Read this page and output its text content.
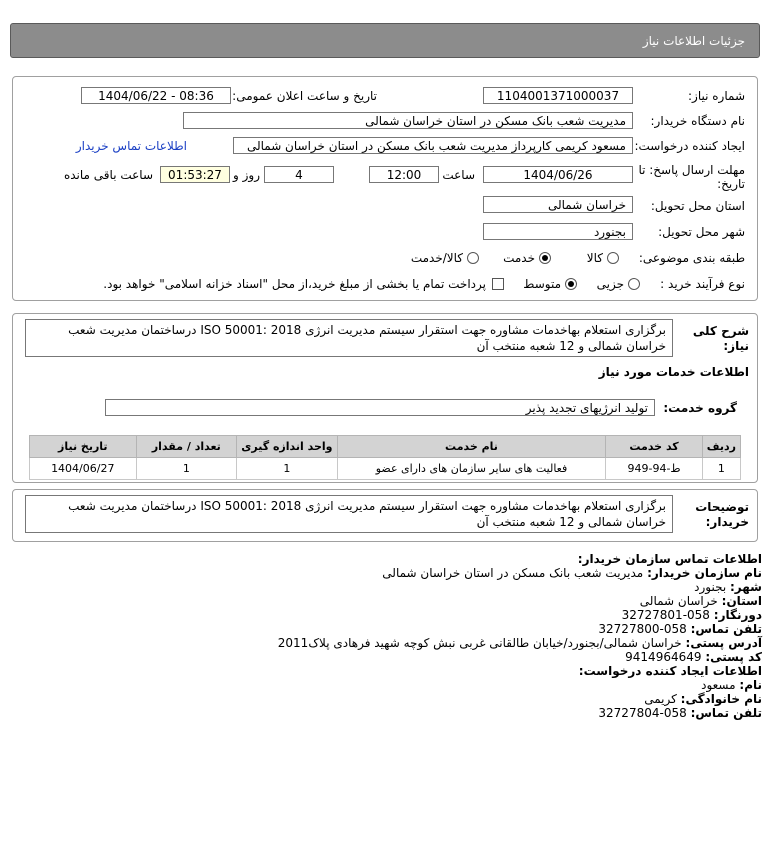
جزئیات اطلاعات نیاز
شماره نیاز:
1104001371000037
تاریخ و ساعت اعلان عمومی:
1404/06/22 - 08:36
نام دستگاه خریدار:
مدیریت شعب بانک مسکن در استان خراسان شمالی
ایجاد کننده درخواست:
مسعود کریمی کارپرداز مدیریت شعب بانک مسکن در استان خراسان شمالی
اطلاعات تماس خریدار
مهلت ارسال پاسخ: تا تاریخ:
1404/06/26
ساعت
12:00
4
روز و
01:53:27
ساعت باقی مانده
استان محل تحویل:
خراسان شمالی
شهر محل تحویل:
بجنورد
طبقه بندی موضوعی:
کالا
خدمت
کالا/خدمت
نوع فرآیند خرید :
جزیی
متوسط
پرداخت تمام یا بخشی از مبلغ خرید،از محل "اسناد خزانه اسلامی" خواهد بود.
شرح کلی نیاز:
برگزاری استعلام بهاخدمات مشاوره جهت استقرار سیستم مدیریت انرژی ISO 50001: 2018 درساختمان مدیریت شعب خراسان شمالی و 12 شعبه منتخب آن
اطلاعات خدمات مورد نیاز
گروه خدمت:
تولید انرژیهای تجدید پذیر
ردیف	کد خدمت	نام خدمت	واحد اندازه گیری	تعداد / مقدار	تاریخ نیاز
1	ط-94-949	فعالیت های سایر سازمان های دارای عضو	1	1	1404/06/27
توضیحات خریدار:
برگزاری استعلام بهاخدمات مشاوره جهت استقرار سیستم مدیریت انرژی ISO 50001: 2018 درساختمان مدیریت شعب خراسان شمالی و 12 شعبه منتخب آن
اطلاعات تماس سازمان خریدار:
نام سازمان خریدار: مدیریت شعب بانک مسکن در استان خراسان شمالی
شهر: بجنورد
استان: خراسان شمالی
دورنگار: 058-32727801
تلفن تماس: 058-32727800
آدرس پستی: خراسان شمالی/بجنورد/خیابان طالقانی غربی نبش کوچه شهید فرهادی پلاک2011
کد پستی: 9414964649
اطلاعات ایجاد کننده درخواست:
نام: مسعود
نام خانوادگی: کریمی
تلفن تماس: 058-32727804
